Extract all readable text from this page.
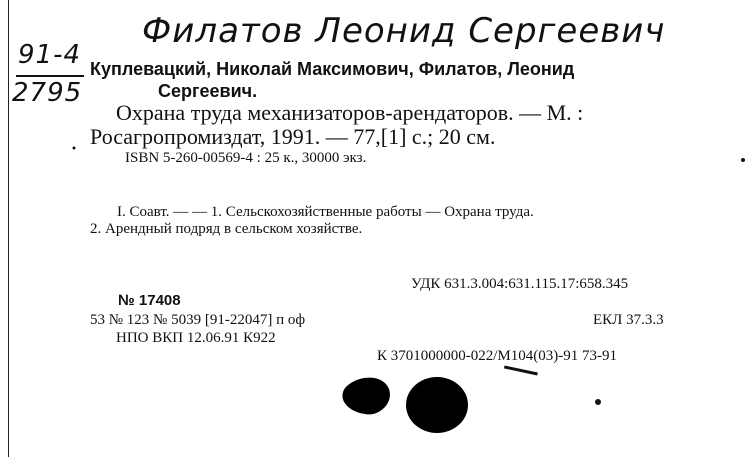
Филатов Леонид Сергеевич
91-4
2795
Куплевацкий, Николай Максимович, Филатов, Леонид
Сергеевич.
Охрана труда механизаторов-арендаторов. — М. :
Росагропромиздат, 1991. — 77,[1] с.; 20 см.
ISBN 5-260-00569-4 : 25 к., 30000 экз.
I. Соавт. — — 1. Сельскохозяйственные работы — Охрана труда.
2. Арендный подряд в сельском хозяйстве.
УДК 631.3.004:631.115.17:658.345
№ 17408
53 № 123 № 5039 [91-22047] п оф	ЕКЛ 37.3.3
НПО ВКП 12.06.91 К922
К 3701000000-022/М104(03)-91 73-91
